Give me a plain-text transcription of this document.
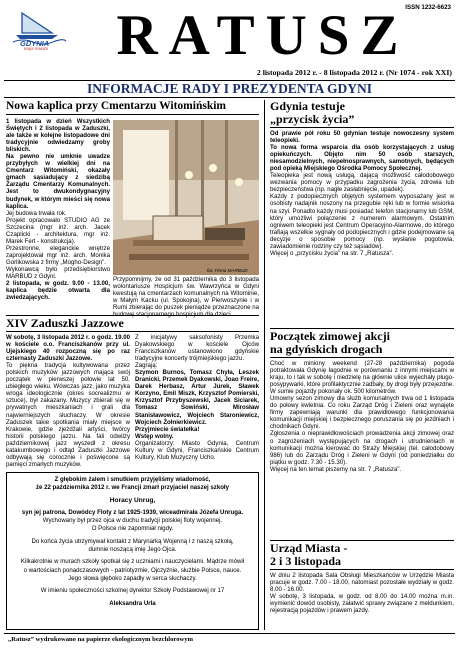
ISSN 1232-6623
GDYNIA
moje miasto	RATUSZ
2 listopada 2012 r. - 8 listopada 2012 r. (Nr 1074 - rok XXI)
INFORMACJE RADY I PREZYDENTA GDYNI
Nowa kaplica przy Cmentarzu Witomińskim

1 listopada w dzień Wszystkich Świętych i 2 listopada w Zaduszki, ale także w kolejne listopadowe dni tradycyjnie odwiedzamy groby bliskich.

Na pewno nie umknie uwadze przybyłych w wielkiej dni na Cmentarz Witomiński, okazały gmach sąsiadujący z siedzibą Zarządu Cmentarzy Komunalnych. Jest to dwukondygnacyjny budynek, w którym mieści się nowa kaplica.

Jej budowa trwała rok.

Projekt opracowało STUDIO AG ze Szczecina (mgr inż. arch. Jacek Czaplicki - architektura, mgr inż. Marek Fert - konstrukcja).

Przestronne, eleganckie wnętrze zaprojektował mgr inż. arch. Monika Gorlikowska z firmy „Mogho-Design”.

Wykonawcą było przedsiębiorstwo MARBUD z Gdyni.

2 listopada, w godz. 9.00 - 13.00, kaplica będzie otwarta dla zwiedzających.

fot. Firma MARBUD
Przypomnijmy, że od 31 października do 3 listopada wolontariusze Hospicjum św. Wawrzyńca w Gdyni kwestują na cmentarzach komunalnych na Witominie, w Małym Kacku (ul. Spokojna), w Pierwoszynie i w Rumi zbierając do puszek pieniądze przeznaczone na
XIV Zaduszki Jazzowe

W sobotę, 3 listopada 2012 r. o godz. 19.00 w kościele o.o. Franciszkanów przy ul. Ujejskiego 40 rozpoczną się po raz czternasty Zaduszki Jazzowe.

To piękna tradycja kultywowana przez polskich muzyków jazzowych mająca swój początek w pierwszej połowie lat 50. ubiegłego wieku. Wówczas jazz, jako muzyka wroga ideologicznie (okres socrealizmu w sztuce), był zakazany. Muzycy zbierali się w prywatnych mieszkaniach i grali dla najwierniejszych słuchaczy. W okresie Zaduszek takie spotkania miały miejsce w Krakowie, gdzie zjeżdżali artyści, twórcy historii polskiego jazzu. Na fali odwilży październikowej jazz wyszedł z okresu katakumbowego i odtąd Zaduszki Jazzowe odbywają się corocznie i poświęcone są pamięci zmarłych muzyków.

Z inicjatywy saksofonisty Przemka Dyakowskiego w kościele Ojców Franciszkanów ustanowiono gdyńskie tradycyjne koncerty trójmiejskiego jazzu.

Zagrają:

Szymon Burnos, Tomasz Chyła, Leszek Dranicki, Przemek Dyakowski, Joao Freire, Darek Herbasz, Artur Jurek, Sławek Korzyno, Emil Miszk, Krzysztof Pomierski, Krzysztof Przybyszewski, Jacek Siciarek, Tomasz Sowiński, Mirosław Stanisławowicz, Wojciech Staroniewicz, Wojciech Żołnierkiewicz.

Przyjmiecie światełka!

Wstęp wolny.

Organizatorzy: Miasto Gdynia, Centrum Kultury w Gdyni, Franciszkańskie Centrum Kultury, Klub Muzyczny Ucho.

Z głębokim żalem i smutkiem przyjęliśmy wiadomość,
że 22 października 2012 r. we Francji zmarł przyjaciel naszej szkoły
Horacy Unrug,
syn jej patrona, Dowódcy Floty z lat 1925-1939, wiceadmirała Józefa Unruga.
Wychowany był przez ojca w duchu tradycji polskiej floty wojennej.
O Polsce nie zapomniał nigdy.
Do końca życia utrzymywał kontakt z Marynarką Wojenną i z naszą szkołą,
dumnie noszącą imię Jego Ojca.
Kilkakrotnie w murach szkoły spotkał się z uczniami i nauczycielami. Mądrze mówił
o wartościach ponadczasowych - patriotyzmie, Ojczyźnie, służbie Polsce, nauce.
Jego słowa głęboko zapadły w serca słuchaczy.
W imieniu społeczności szkolnej dyrektor Szkoły Podstawowej nr 17
Aleksandra Urla
Gdynia testuje
„przycisk życia”

Od prawie pół roku 50 gdynian testuje nowoczesny system teleopieki.

To nowa forma wsparcia dla osób korzystających z usług opiekuńczych. Objęto nim 50 osób starszych, niesamodzielnych, niepełnosprawnych, samotnych, będących pod opieką Miejskiego Ośrodka Pomocy Społecznej.

Teleopieka jest nową usługą, dającą możliwość całodobowego wezwania pomocy w przypadku zagrożenia życia, zdrowia lub bezpieczeństwa (np. nagłe zasłabnięcie, upadek).

Każdy z podopiecznych objętych systemem wyposażany jest w osobisty nadajnik noszony na przegubie ręki lub w formie wisiorka na szyi. Ponadto każdy musi posiadać telefon stacjonarny lub GSM, który umożliwi połączenie z numerem alarmowym. Ostatnim ogniwem teleopieki jest Centrum Operacyjno-Alarmowe, do którego trafiają wszelkie sygnały od podopiecznych i gdzie podejmowane są decyzje o sposobie pomocy (np. wysłanie pogotowia, zawiadomienie rodziny czy też sąsiadów).

Więcej o „przycisku życia” na str. 7 „Ratusza”.

Początek zimowej akcji
na gdyńskich drogach

Choć w miniony weekend (27-28 października) pogoda potraktowała Gdynię łagodnie w porównaniu z innymi miejscami w kraju, to i tak w sobotę i niedzielę na głównie ulice wyjechały pługo-posypywarki, które profilaktycznie zadbały, by drogi były przejezdne. W sumie pojazdy pokonały ok. 500 kilometrów.

Umowny sezon zimowy dla służb komunalnych trwa od 1 listopada do połowy kwietnia. Co roku Zarząd Dróg i Zieleni oraz wynajęte firmy zapewniają warunki dla prawidłowego funkcjonowania komunikacji miejskiej i bezpiecznego poruszania się po jezdniach i chodnikach Gdyni.

Zgłoszenia o nieprawidłowościach prowadzenia akcji zimowej oraz o zagrożeniach występujących na drogach i utrudnieniach w komunikacji można kierować do Straży Miejskiej (tel. całodobowy 986) lub do Zarządu Dróg i Zieleni w Gdyni (od poniedziałku do piątku w godz. 7.30 - 15.30).

Więcej na ten temat piszemy na str. 7 „Ratusza”.

Urząd Miasta -
2 i 3 listopada

W dniu 2 listopada Sala Obsługi Mieszkańców w Urzędzie Miasta pracuje w godz. 7.00 - 18.00, natomiast pozostałe wydziały w godz. 8.00 - 16.00.

W sobotę, 3 listopada, w godz. od 8.00 do 14.00 można m.in. wymienić dowód osobisty, załatwić sprawy związane z meldunkiem, rejestracją pojazdów i prawem jazdy.

„Ratusz” wydrukowano na papierze ekologicznym bezchlorowym
